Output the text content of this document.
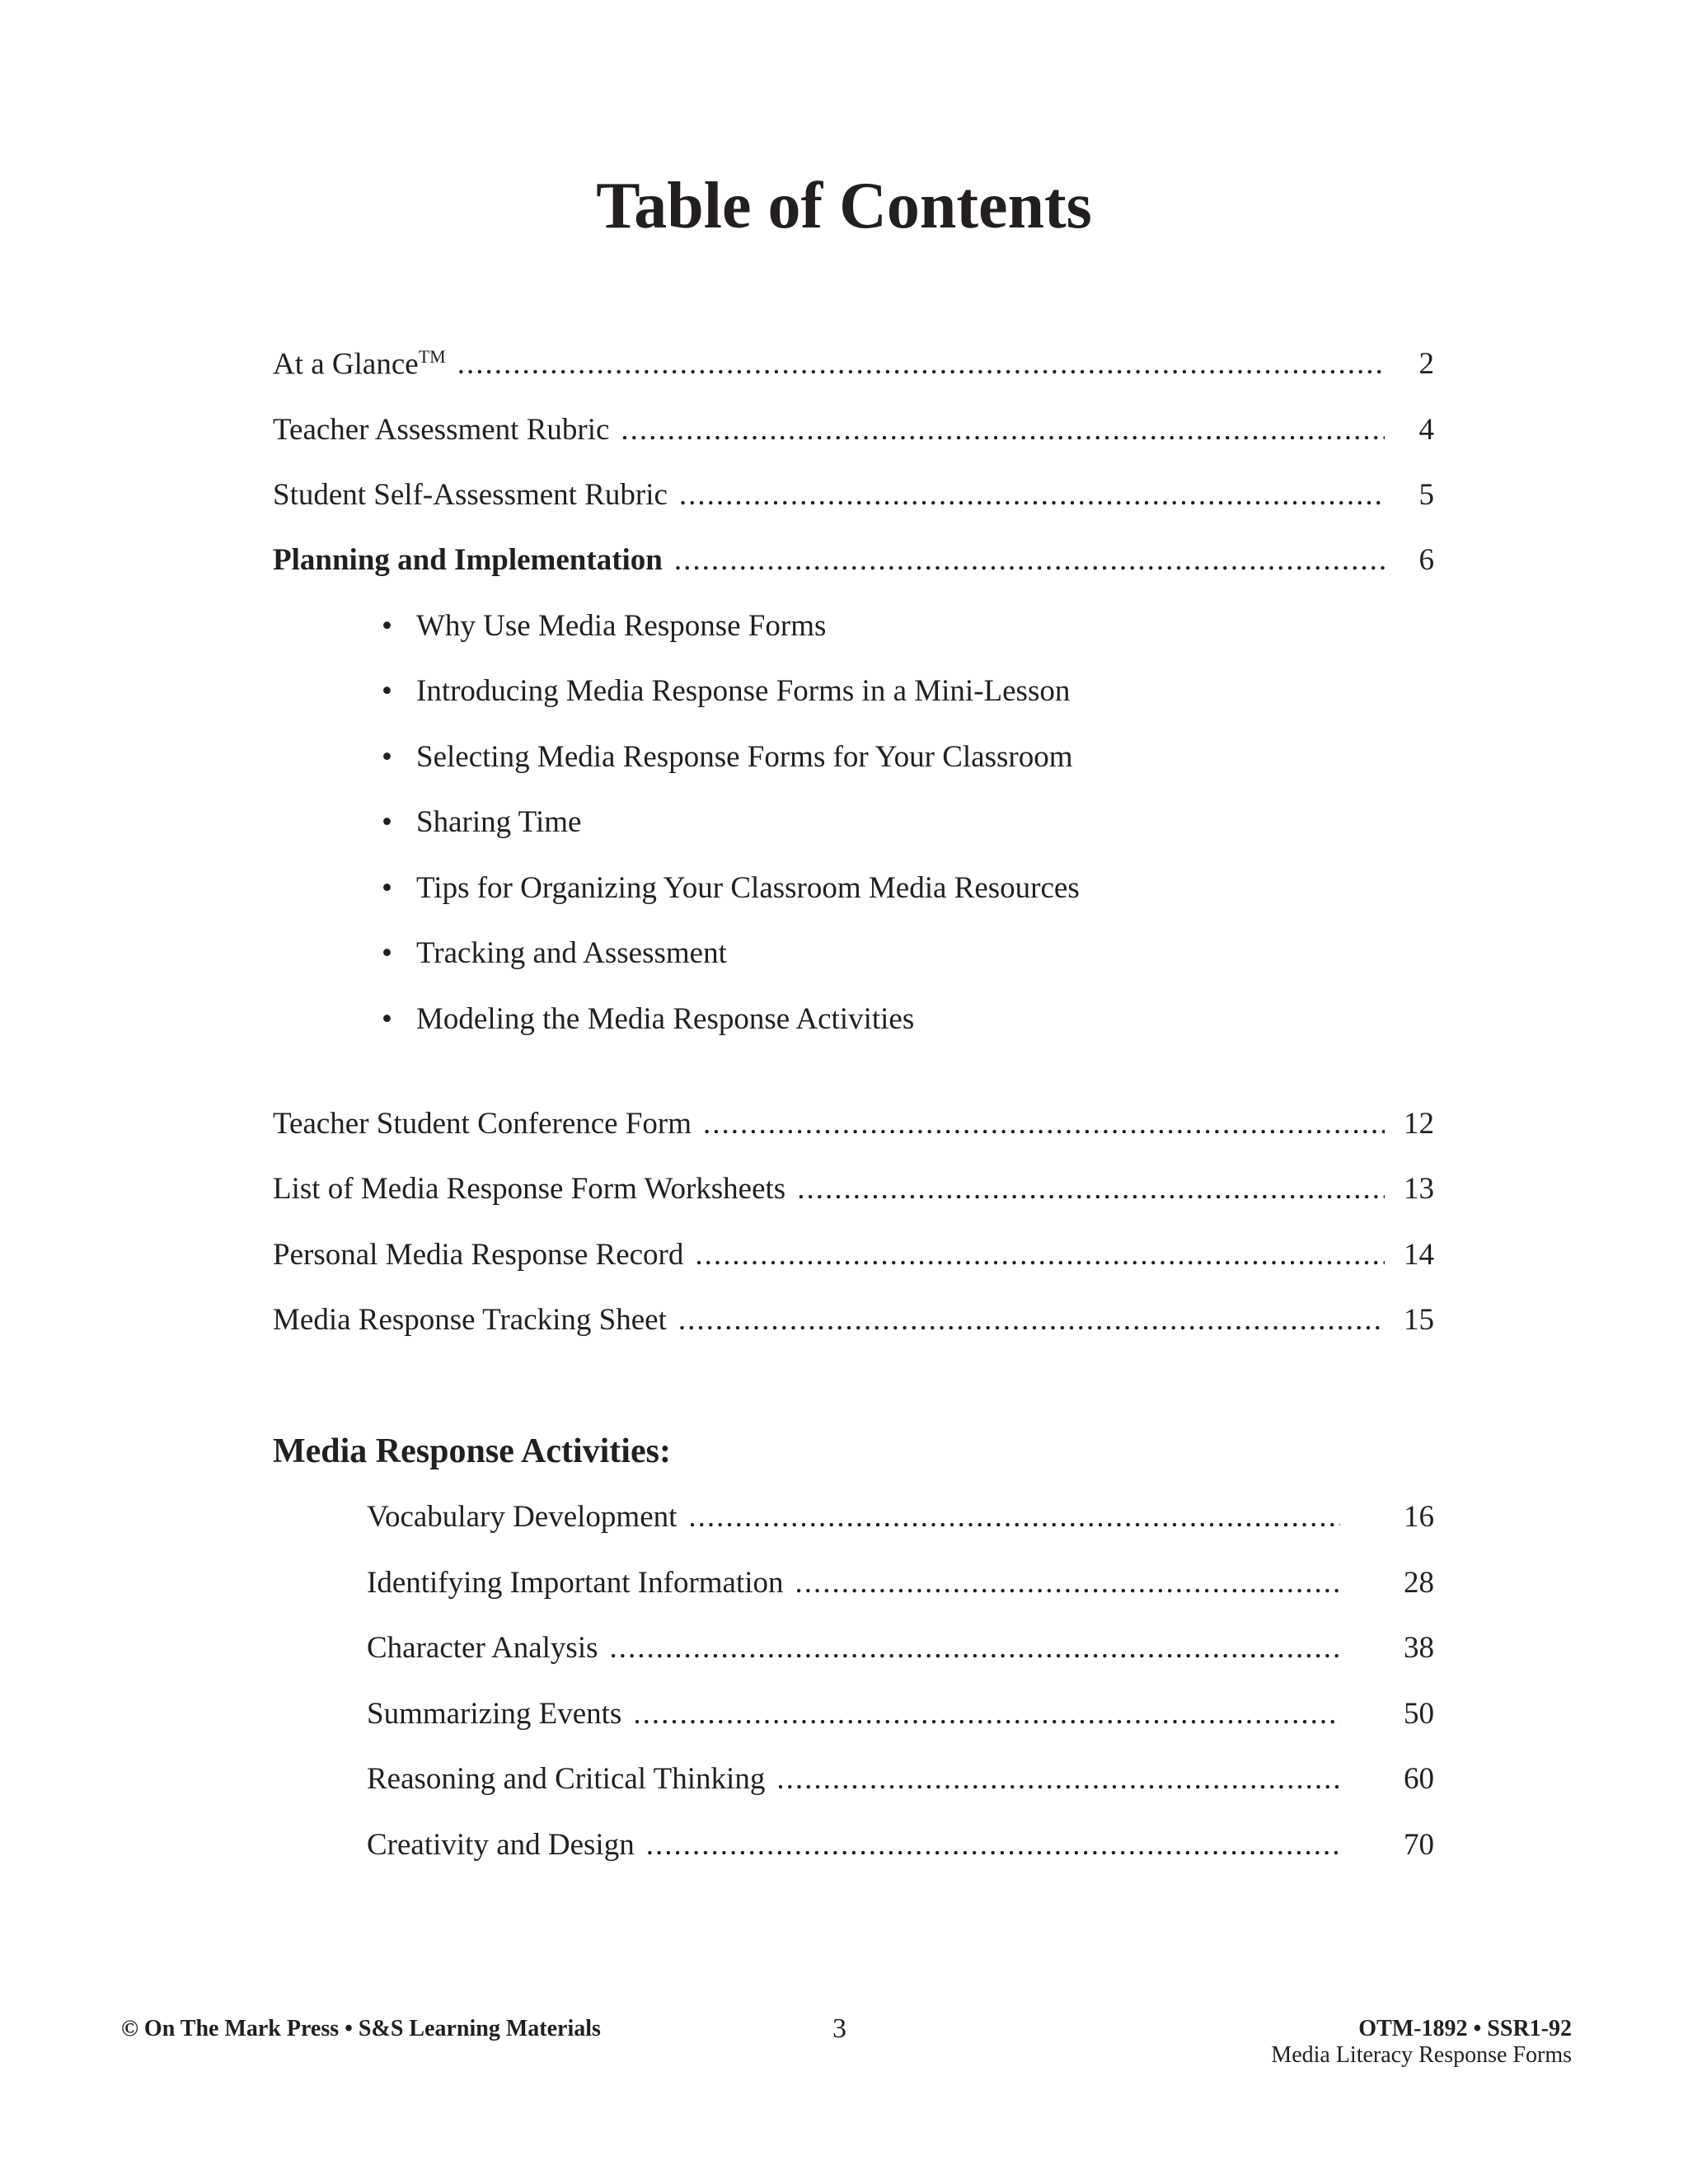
Table of Contents
At a Glance™ .....	2
Teacher Assessment Rubric .....	4
Student Self-Assessment Rubric .....	5
Planning and Implementation .....	6
• Why Use Media Response Forms
• Introducing Media Response Forms in a Mini-Lesson
• Selecting Media Response Forms for Your Classroom
• Sharing Time
• Tips for Organizing Your Classroom Media Resources
• Tracking and Assessment
• Modeling the Media Response Activities
Teacher Student Conference Form .....	12
List of Media Response Form Worksheets .....	13
Personal Media Response Record .....	14
Media Response Tracking Sheet .....	15
Media Response Activities:
Vocabulary Development .....	16
Identifying Important Information .....	28
Character Analysis .....	38
Summarizing Events .....	50
Reasoning and Critical Thinking .....	60
Creativity and Design .....	70
© On The Mark Press • S&S Learning Materials	3	OTM-1892 • SSR1-92
Media Literacy Response Forms
